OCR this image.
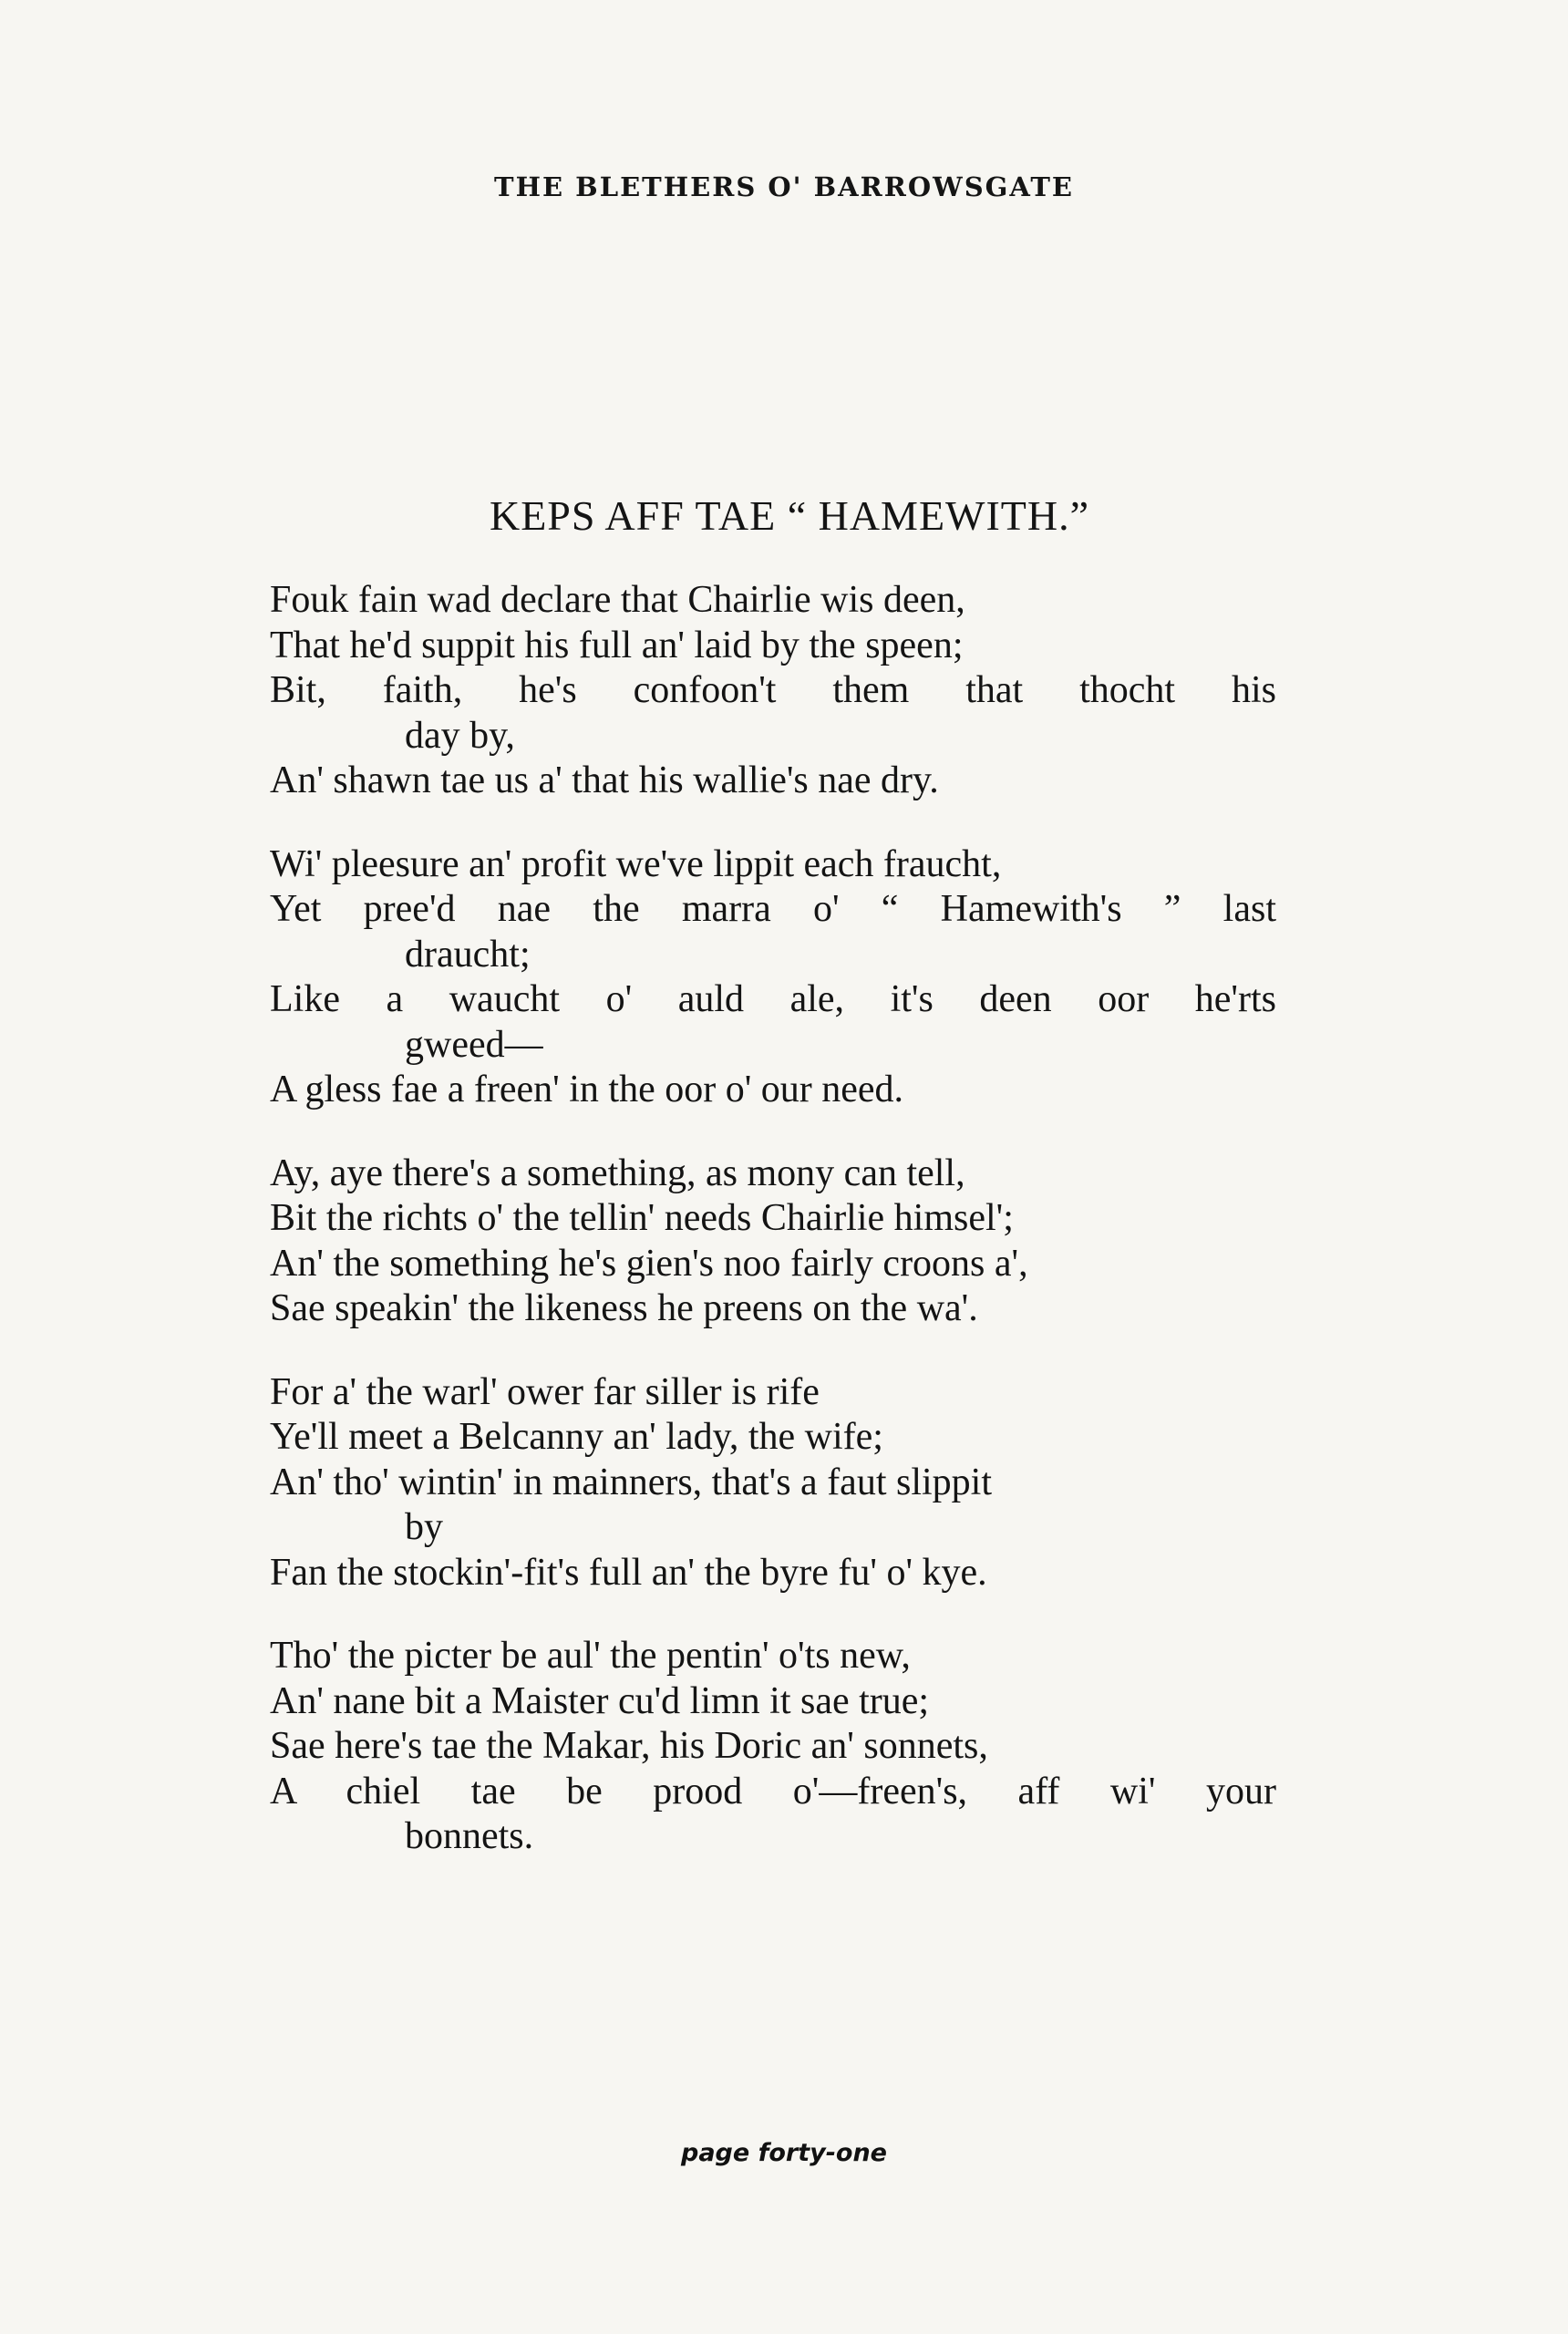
THE BLETHERS O' BARROWSGATE
KEPS AFF TAE “ HAMEWITH.”
Fouk fain wad declare that Chairlie wis deen,
That he'd suppit his full an' laid by the speen;
Bit, faith, he's confoon't them that thocht his
day by,
An' shawn tae us a' that his wallie's nae dry.
Wi' pleesure an' profit we've lippit each fraucht,
Yet pree'd nae the marra o' “ Hamewith's ” last
draucht;
Like a waucht o' auld ale, it's deen oor he'rts
gweed—
A gless fae a freen' in the oor o' our need.
Ay, aye there's a something, as mony can tell,
Bit the richts o' the tellin' needs Chairlie himsel';
An' the something he's gien's noo fairly croons a',
Sae speakin' the likeness he preens on the wa'.
For a' the warl' ower far siller is rife
Ye'll meet a Belcanny an' lady, the wife;
An' tho' wintin' in mainners, that's a faut slippit
by
Fan the stockin'-fit's full an' the byre fu' o' kye.
Tho' the picter be aul' the pentin' o'ts new,
An' nane bit a Maister cu'd limn it sae true;
Sae here's tae the Makar, his Doric an' sonnets,
A chiel tae be prood o'—freen's, aff wi' your
bonnets.
page forty-one
